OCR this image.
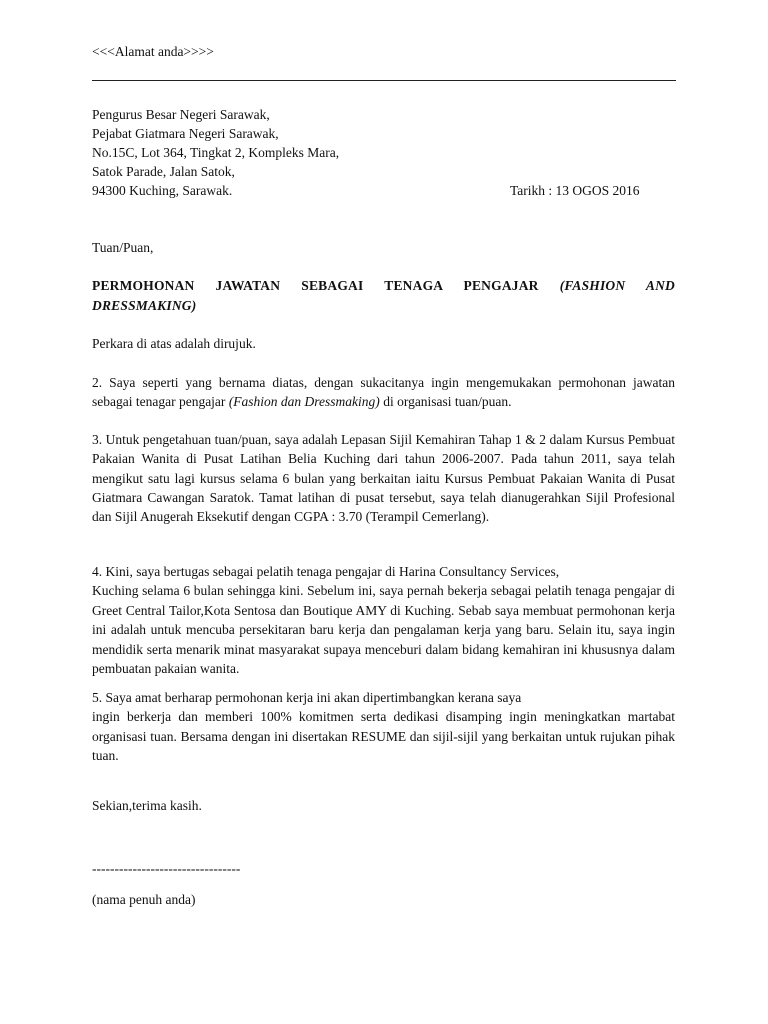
<<<Alamat anda>>>>
Pengurus Besar Negeri Sarawak,
Pejabat Giatmara Negeri Sarawak,
No.15C, Lot 364, Tingkat 2, Kompleks Mara,
Satok Parade, Jalan Satok,
94300 Kuching, Sarawak.	Tarikh : 13 OGOS 2016
Tuan/Puan,
PERMOHONAN JAWATAN SEBAGAI TENAGA PENGAJAR (FASHION AND DRESSMAKING)
Perkara di atas adalah dirujuk.
2. Saya seperti yang bernama diatas, dengan sukacitanya ingin mengemukakan permohonan jawatan sebagai tenagar pengajar (Fashion dan Dressmaking) di organisasi tuan/puan.
3. Untuk pengetahuan tuan/puan, saya adalah Lepasan Sijil Kemahiran Tahap 1 & 2 dalam Kursus Pembuat Pakaian Wanita di Pusat Latihan Belia Kuching dari tahun 2006-2007. Pada tahun 2011, saya telah mengikut satu lagi kursus selama 6 bulan yang berkaitan iaitu Kursus Pembuat Pakaian Wanita di Pusat Giatmara Cawangan Saratok. Tamat latihan di pusat tersebut, saya telah dianugerahkan Sijil Profesional dan Sijil Anugerah Eksekutif dengan CGPA : 3.70 (Terampil Cemerlang).
4. Kini, saya bertugas sebagai pelatih tenaga pengajar di Harina Consultancy Services,
Kuching selama 6 bulan sehingga kini. Sebelum ini, saya pernah bekerja sebagai pelatih tenaga pengajar di Greet Central Tailor,Kota Sentosa dan Boutique AMY di Kuching. Sebab saya membuat permohonan kerja ini adalah untuk mencuba persekitaran baru kerja dan pengalaman kerja yang baru. Selain itu, saya ingin mendidik serta menarik minat masyarakat supaya menceburi dalam bidang kemahiran ini khususnya dalam pembuatan pakaian wanita.
5. Saya amat berharap permohonan kerja ini akan dipertimbangkan kerana saya
ingin berkerja dan memberi 100% komitmen serta dedikasi disamping ingin meningkatkan martabat organisasi tuan. Bersama dengan ini disertakan RESUME dan sijil-sijil yang berkaitan untuk rujukan pihak tuan.
Sekian,terima kasih.
---------------------------------
(nama penuh anda)
